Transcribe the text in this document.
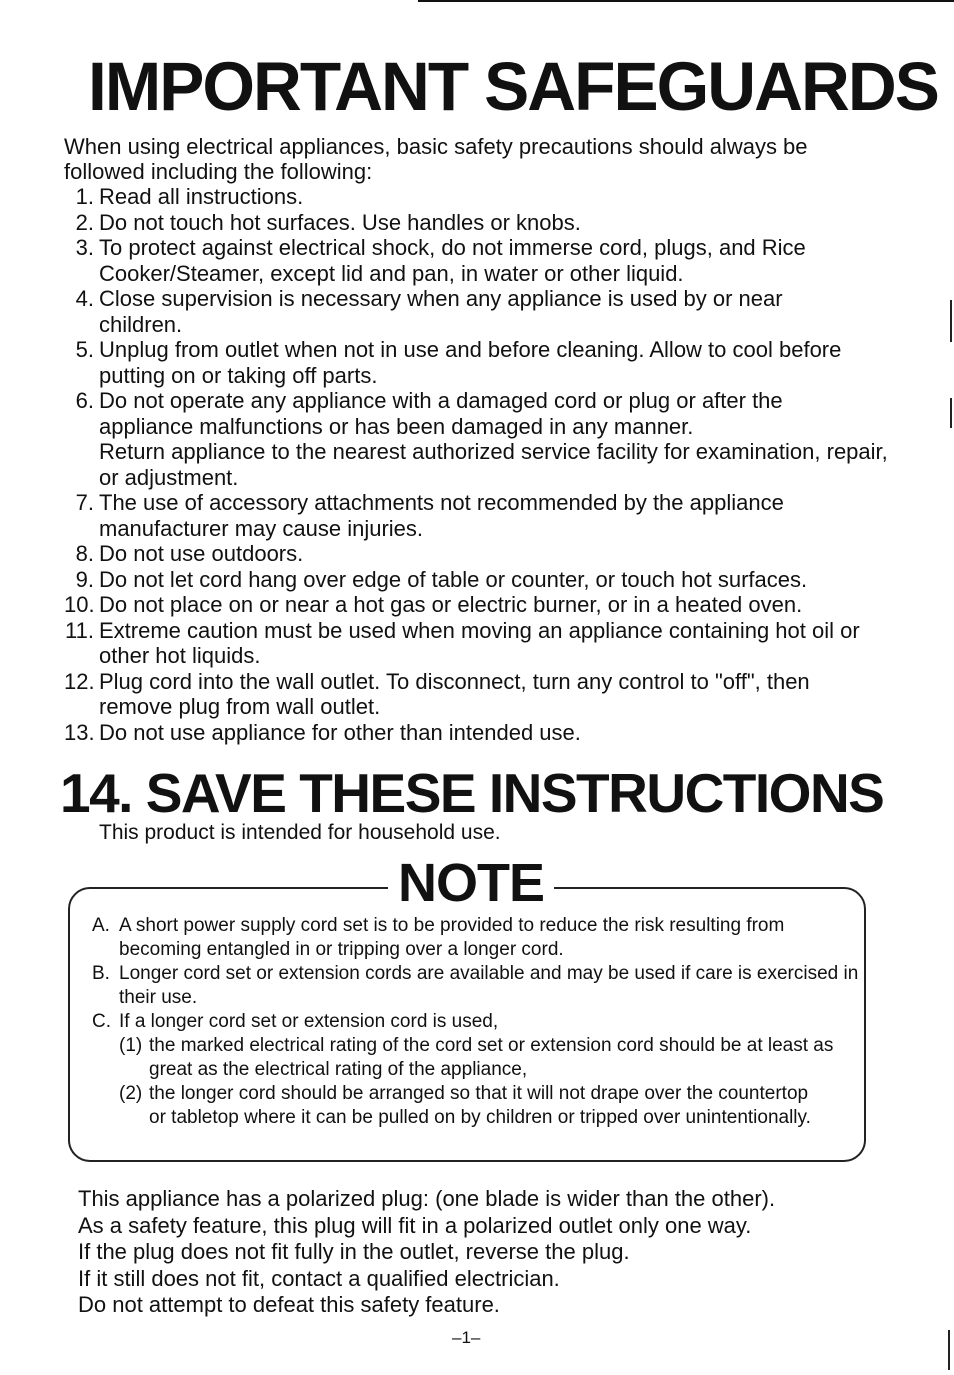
IMPORTANT SAFEGUARDS

When using electrical appliances, basic safety precautions should always be followed including the following:

1. Read all instructions.
2. Do not touch hot surfaces. Use handles or knobs.
3. To protect against electrical shock, do not immerse cord, plugs, and Rice Cooker/Steamer, except lid and pan, in water or other liquid.
4. Close supervision is necessary when any appliance is used by or near children.
5. Unplug from outlet when not in use and before cleaning. Allow to cool before putting on or taking off parts.
6. Do not operate any appliance with a damaged cord or plug or after the appliance malfunctions or has been damaged in any manner.
Return appliance to the nearest authorized service facility for examination, repair, or adjustment.
7. The use of accessory attachments not recommended by the appliance manufacturer may cause injuries.
8. Do not use outdoors.
9. Do not let cord hang over edge of table or counter, or touch hot surfaces.
10. Do not place on or near a hot gas or electric burner, or in a heated oven.
11. Extreme caution must be used when moving an appliance containing hot oil or other hot liquids.
12. Plug cord into the wall outlet. To disconnect, turn any control to "off", then remove plug from wall outlet.
13. Do not use appliance for other than intended use.
14. SAVE THESE INSTRUCTIONS

This product is intended for household use.

NOTE
A. A short power supply cord set is to be provided to reduce the risk resulting from becoming entangled in or tripping over a longer cord.
B. Longer cord set or extension cords are available and may be used if care is exercised in their use.
C. If a longer cord set or extension cord is used,
(1) the marked electrical rating of the cord set or extension cord should be at least as great as the electrical rating of the appliance,
(2) the longer cord should be arranged so that it will not drape over the countertop or tabletop where it can be pulled on by children or tripped over unintentionally.
This appliance has a polarized plug: (one blade is wider than the other).
As a safety feature, this plug will fit in a polarized outlet only one way.
If the plug does not fit fully in the outlet, reverse the plug.
If it still does not fit, contact a qualified electrician.
Do not attempt to defeat this safety feature.
–1–
